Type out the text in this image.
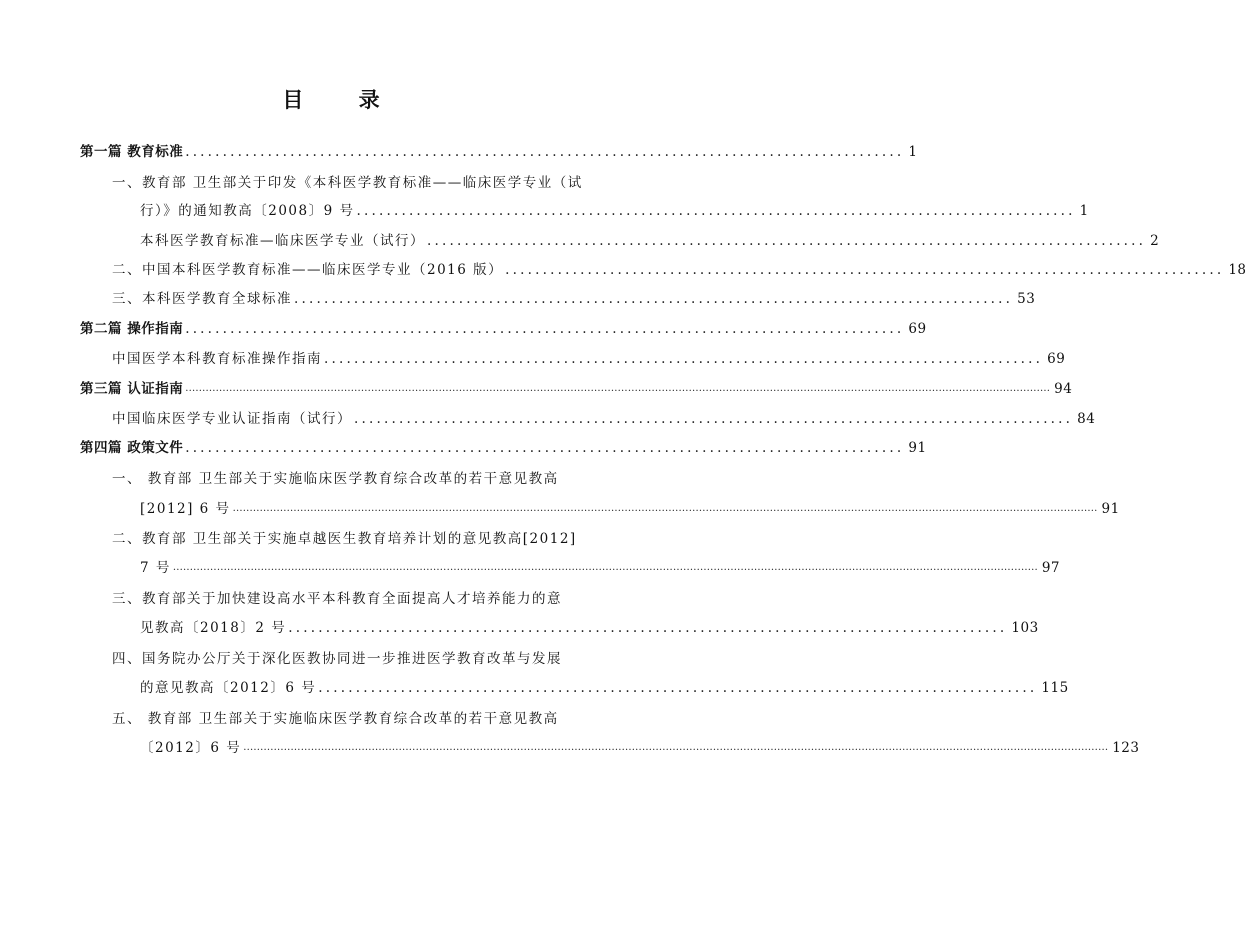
目 录
第一篇 教育标准 ................................................................................................ 1
一、教育部 卫生部关于印发《本科医学教育标准——临床医学专业（试
行）》的通知教高〔2008〕9 号 ................................................................................................ 1
本科医学教育标准—临床医学专业（试行） ................................................................................................ 2
二、中国本科医学教育标准——临床医学专业（2016 版） ................................................................................................ 18
三、本科医学教育全球标准 ................................................................................................ 53
第二篇 操作指南 ................................................................................................ 69
中国医学本科教育标准操作指南 ................................................................................................ 69
第三篇 认证指南 ................................................................................................................................................................................................................................................................ 94
中国临床医学专业认证指南（试行） ................................................................................................ 84
第四篇 政策文件 ................................................................................................ 91
一、 教育部 卫生部关于实施临床医学教育综合改革的若干意见教高
[2012] 6 号 ................................................................................................................................................................................................................................................................ 91
二、教育部 卫生部关于实施卓越医生教育培养计划的意见教高[2012]
7 号 ................................................................................................................................................................................................................................................................ 97
三、教育部关于加快建设高水平本科教育全面提高人才培养能力的意
见教高〔2018〕2 号 ................................................................................................ 103
四、国务院办公厅关于深化医教协同进一步推进医学教育改革与发展
的意见教高〔2012〕6 号 ................................................................................................ 115
五、 教育部 卫生部关于实施临床医学教育综合改革的若干意见教高
〔2012〕6 号 ................................................................................................................................................................................................................................................................ 123
